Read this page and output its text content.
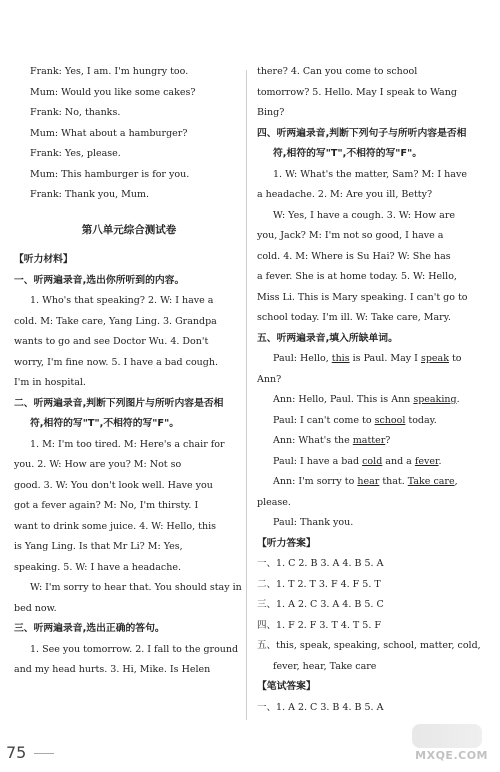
Frank: Yes, I am. I'm hungry too.

Mum: Would you like some cakes?

Frank: No, thanks.

Mum: What about a hamburger?

Frank: Yes, please.

Mum: This hamburger is for you.

Frank: Thank you, Mum.

第八单元综合测试卷

【听力材料】

一、听两遍录音,选出你所听到的内容。

1. Who's that speaking? 2. W: I have a

cold. M: Take care, Yang Ling. 3. Grandpa

wants to go and see Doctor Wu. 4. Don't

worry, I'm fine now. 5. I have a bad cough.

I'm in hospital.

二、听两遍录音,判断下列图片与所听内容是否相

符,相符的写"T",不相符的写"F"。

1. M: I'm too tired. M: Here's a chair for

you. 2. W: How are you? M: Not so

good. 3. W: You don't look well. Have you

got a fever again? M: No, I'm thirsty. I

want to drink some juice. 4. W: Hello, this

is Yang Ling. Is that Mr Li? M: Yes,

speaking. 5. W: I have a headache.

W: I'm sorry to hear that. You should stay in

bed now.

三、听两遍录音,选出正确的答句。

1. See you tomorrow. 2. I fall to the ground

and my head hurts. 3. Hi, Mike. Is Helen

there? 4. Can you come to school

tomorrow? 5. Hello. May I speak to Wang

Bing?

四、听两遍录音,判断下列句子与所听内容是否相

符,相符的写"T",不相符的写"F"。

1. W: What's the matter, Sam? M: I have

a headache. 2. M: Are you ill, Betty?

W: Yes, I have a cough. 3. W: How are

you, Jack? M: I'm not so good, I have a

cold. 4. M: Where is Su Hai? W: She has

a fever. She is at home today. 5. W: Hello,

Miss Li. This is Mary speaking. I can't go to

school today. I'm ill. W: Take care, Mary.

五、听两遍录音,填入所缺单词。

Paul: Hello, this is Paul. May I speak to Ann?

Ann: Hello, Paul. This is Ann speaking.

Paul: I can't come to school today.

Ann: What's the matter?

Paul: I have a bad cold and a fever.

Ann: I'm sorry to hear that. Take care, please.

Paul: Thank you.

【听力答案】

一、1. C 2. B 3. A 4. B 5. A

二、1. T 2. T 3. F 4. F 5. T

三、1. A 2. C 3. A 4. B 5. C

四、1. F 2. F 3. T 4. T 5. F

五、this, speak, speaking, school, matter, cold,

fever, hear, Take care

【笔试答案】

一、1. A 2. C 3. B 4. B 5. A

75	MXQE.COM
